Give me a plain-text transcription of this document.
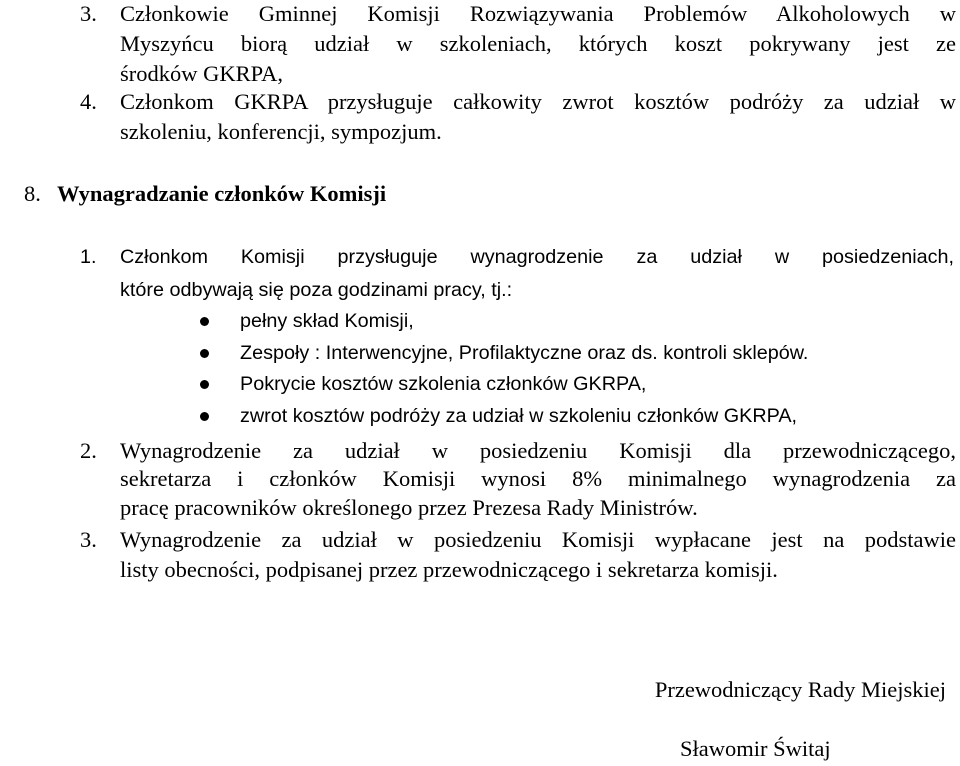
3. Członkowie Gminnej Komisji Rozwiązywania Problemów Alkoholowych w
Myszyńcu biorą udział w szkoleniach, których koszt pokrywany jest ze
środków GKRPA,
4. Członkom GKRPA przysługuje całkowity zwrot kosztów podróży za udział w
szkoleniu, konferencji, sympozjum.
8. Wynagradzanie członków Komisji
1. Członkom Komisji przysługuje wynagrodzenie za udział w posiedzeniach,
które odbywają się poza godzinami pracy, tj.:
pełny skład Komisji,
Zespoły : Interwencyjne, Profilaktyczne oraz ds. kontroli sklepów.
Pokrycie kosztów szkolenia członków GKRPA,
zwrot kosztów podróży za udział w szkoleniu członków GKRPA,
2. Wynagrodzenie za udział w posiedzeniu Komisji dla przewodniczącego,
sekretarza i członków Komisji wynosi 8% minimalnego wynagrodzenia za
pracę pracowników określonego przez Prezesa Rady Ministrów.
3. Wynagrodzenie za udział w posiedzeniu Komisji wypłacane jest na podstawie
listy obecności, podpisanej przez przewodniczącego i sekretarza komisji.
Przewodniczący Rady Miejskiej
Sławomir Świtaj
